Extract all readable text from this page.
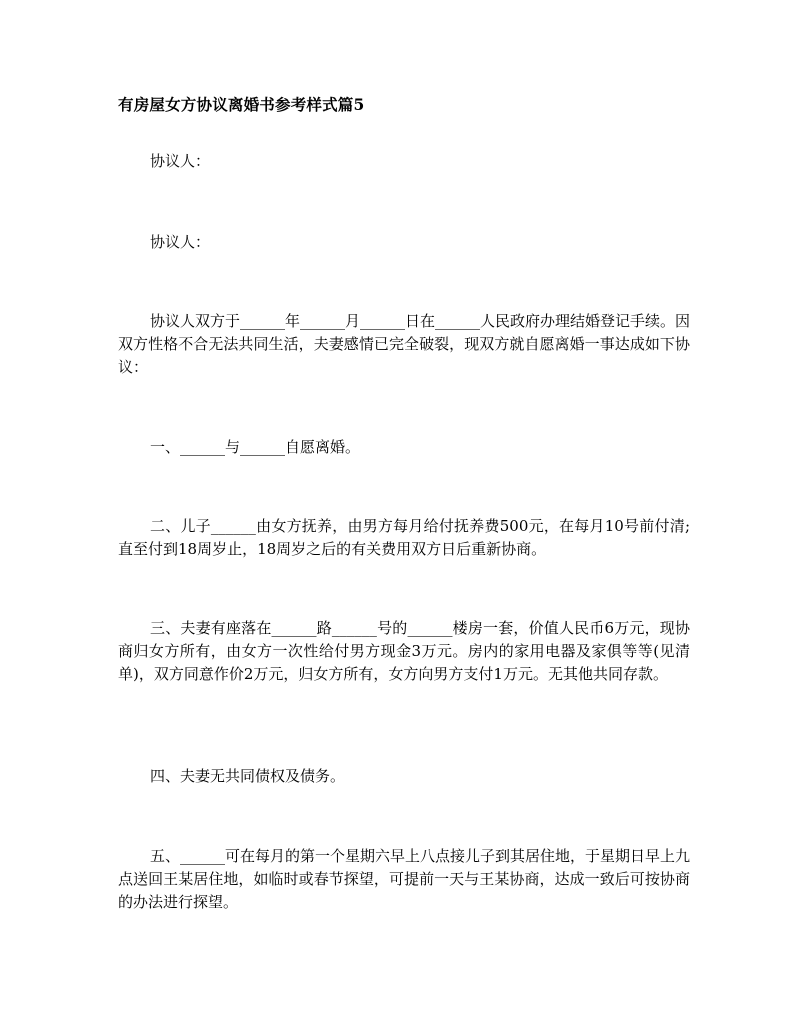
有房屋女方协议离婚书参考样式篇5

协议人：

协议人：

协议人双方于______年______月______日在______人民政府办理结婚登记手续。因双方性格不合无法共同生活，夫妻感情已完全破裂，现双方就自愿离婚一事达成如下协议：

一、______与______自愿离婚。

二、儿子______由女方抚养，由男方每月给付抚养费500元，在每月10号前付清;直至付到18周岁止，18周岁之后的有关费用双方日后重新协商。

三、夫妻有座落在______路______号的______楼房一套，价值人民币6万元，现协商归女方所有，由女方一次性给付男方现金3万元。房内的家用电器及家俱等等(见清单)，双方同意作价2万元，归女方所有，女方向男方支付1万元。无其他共同存款。

四、夫妻无共同债权及债务。

五、______可在每月的第一个星期六早上八点接儿子到其居住地，于星期日早上九点送回王某居住地，如临时或春节探望，可提前一天与王某协商，达成一致后可按协商的办法进行探望。
